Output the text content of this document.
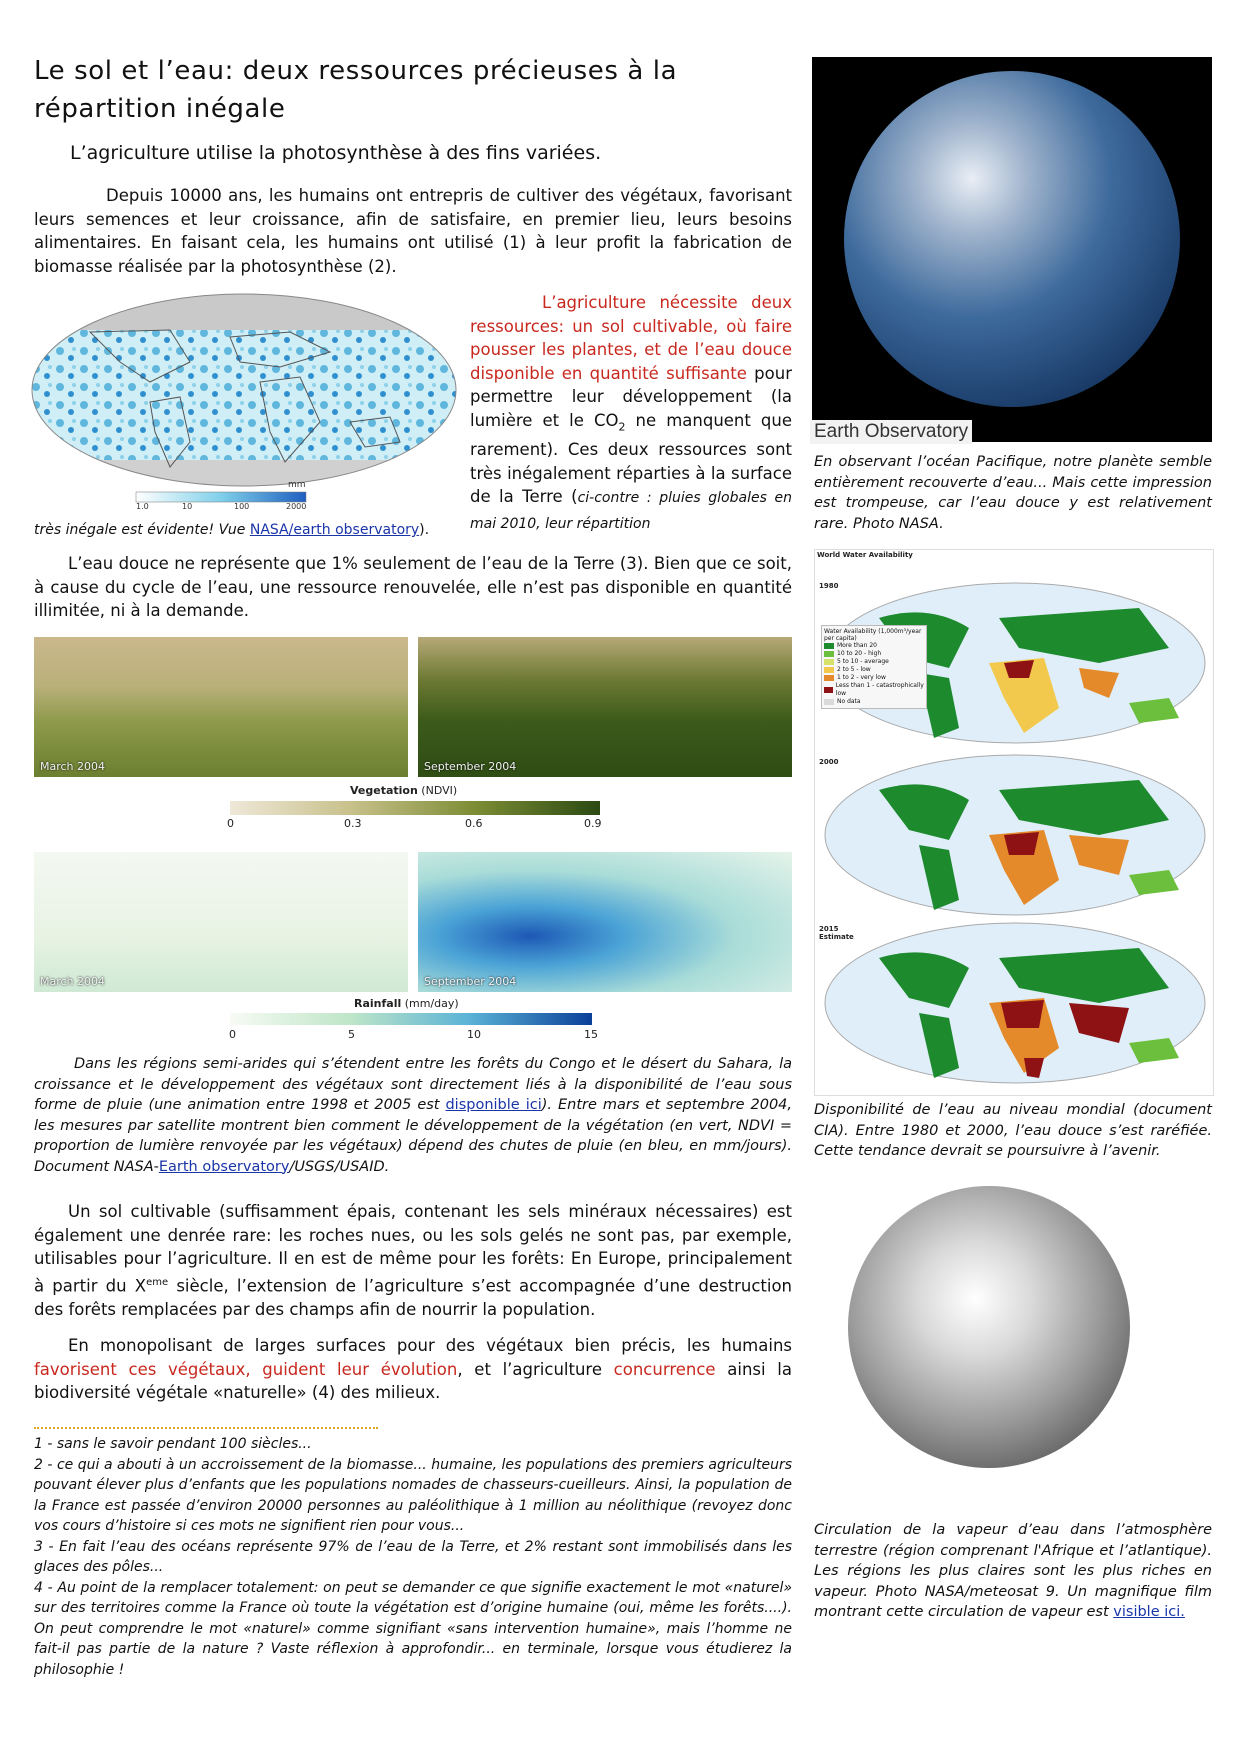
Le sol et l’eau: deux ressources précieuses à la répartition inégale
L’agriculture utilise la photosynthèse à des fins variées.
Depuis 10000 ans, les humains ont entrepris de cultiver des végétaux, favorisant leurs semences et leur croissance, afin de satisfaire, en premier lieu, leurs besoins alimentaires. En faisant cela, les humains ont utilisé (1) à leur profit la fabrication de biomasse réalisée par la photosynthèse (2).
mm
1.0	10	100	2000
L’agriculture nécessite deux ressources: un sol cultivable, où faire pousser les plantes, et de l’eau douce disponible en quantité suffisante pour permettre leur développement (la lumière et le $CO_2$ ne manquent que rarement). Ces deux ressources sont très inégalement réparties à la surface de la Terre (ci-contre : pluies globales en mai 2010, leur répartition
très inégale est évidente! Vue NASA/earth observatory).
L’eau douce ne représente que 1% seulement de l’eau de la Terre (3). Bien que ce soit, à cause du cycle de l’eau, une ressource renouvelée, elle n’est pas disponible en quantité illimitée, ni à la demande.
March 2004	September 2004
Vegetation (NDVI)
0	0.3	0.6	0.9
March 2004	September 2004
Rainfall (mm/day)
0	5	10	15
Dans les régions semi-arides qui s’étendent entre les forêts du Congo et le désert du Sahara, la croissance et le développement des végétaux sont directement liés à la disponibilité de l’eau sous forme de pluie (une animation entre 1998 et 2005 est disponible ici). Entre mars et septembre 2004, les mesures par satellite montrent bien comment le développement de la végétation (en vert, NDVI = proportion de lumière renvoyée par les végétaux) dépend des chutes de pluie (en bleu, en mm/jours). Document NASA-Earth observatory/USGS/USAID.
Un sol cultivable (suffisamment épais, contenant les sels minéraux nécessaires) est également une denrée rare: les roches nues, ou les sols gelés ne sont pas, par exemple, utilisables pour l’agriculture. Il en est de même pour les forêts: En Europe, principalement à partir du Xeme siècle, l’extension de l’agriculture s’est accompagnée d’une destruction des forêts remplacées par des champs afin de nourrir la population.
En monopolisant de larges surfaces pour des végétaux bien précis, les humains favorisent ces végétaux, guident leur évolution, et l’agriculture concurrence ainsi la biodiversité végétale «naturelle» (4) des milieux.
1 - sans le savoir pendant 100 siècles...
2 - ce qui a abouti à un accroissement de la biomasse... humaine, les populations des premiers agriculteurs pouvant élever plus d’enfants que les populations nomades de chasseurs-cueilleurs. Ainsi, la population de la France est passée d’environ 20000 personnes au paléolithique à 1 million au néolithique (revoyez donc vos cours d’histoire si ces mots ne signifient rien pour vous...
3 - En fait l’eau des océans représente 97% de l’eau de la Terre, et 2% restant sont immobilisés dans les glaces des pôles...
4 - Au point de la remplacer totalement: on peut se demander ce que signifie exactement le mot «naturel» sur des territoires comme la France où toute la végétation est d’origine humaine (oui, même les forêts....). On peut comprendre le mot «naturel» comme signifiant «sans intervention humaine», mais l’homme ne fait-il pas partie de la nature ? Vaste réflexion à approfondir... en terminale, lorsque vous étudierez la philosophie !
Earth Observatory
En observant l’océan Pacifique, notre planète semble entièrement recouverte d’eau... Mais cette impression est trompeuse, car l’eau douce y est relativement rare. Photo NASA.
World Water Availability
1980
2000
2015 Estimate
Water Availability (1,000m³/year per capita)
More than 20
10 to 20 - high
5 to 10 - average
2 to 5 - low
1 to 2 - very low
Less than 1 - catastrophically low
No data
Disponibilité de l’eau au niveau mondial (document CIA). Entre 1980 et 2000, l’eau douce s’est raréfiée. Cette tendance devrait se poursuivre à l’avenir.
Circulation de la vapeur d’eau dans l’atmosphère terrestre (région comprenant l'Afrique et l’atlantique). Les régions les plus claires sont les plus riches en vapeur. Photo NASA/meteosat 9. Un magnifique film montrant cette circulation de vapeur est visible ici.
